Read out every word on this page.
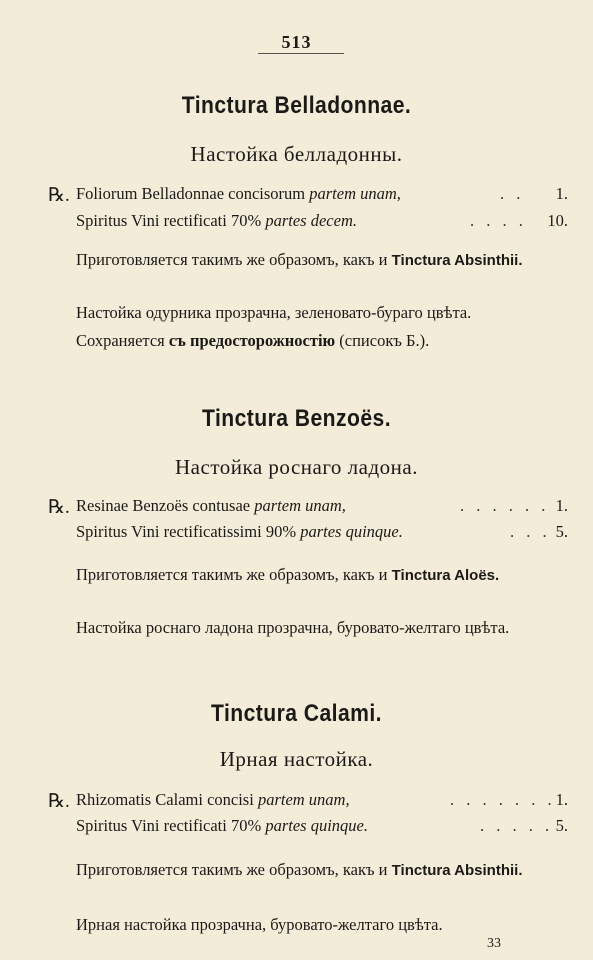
513
Tinctura Belladonnae.
Настойка белладонны.
℞. Foliorum Belladonnae concisorum partem unam,	. . 1.
Spiritus Vini rectificati 70% partes decem.	. . . . 10.
Приготовляется такимъ же образомъ, какъ и Tinctura Absinthii.
Настойка одурника прозрачна, зеленовато-бураго цвѣта.
Сохраняется съ предосторожностію (списокъ Б.).
Tinctura Benzoës.
Настойка роснаго ладона.
℞. Resinae Benzoës contusae partem unam,	. . . . . . 1.
Spiritus Vini rectificatissimi 90% partes quinque.	. . . 5.
Приготовляется такимъ же образомъ, какъ и Tinctura Aloës.
Настойка роснаго ладона прозрачна, буровато-желтаго цвѣта.
Tinctura Calami.
Ирная настойка.
℞. Rhizomatis Calami concisi partem unam,	. . . . . . . 1.
Spiritus Vini rectificati 70% partes quinque.	. . . . . 5.
Приготовляется такимъ же образомъ, какъ и Tinctura Absinthii.
Ирная настойка прозрачна, буровато-желтаго цвѣта.
33
